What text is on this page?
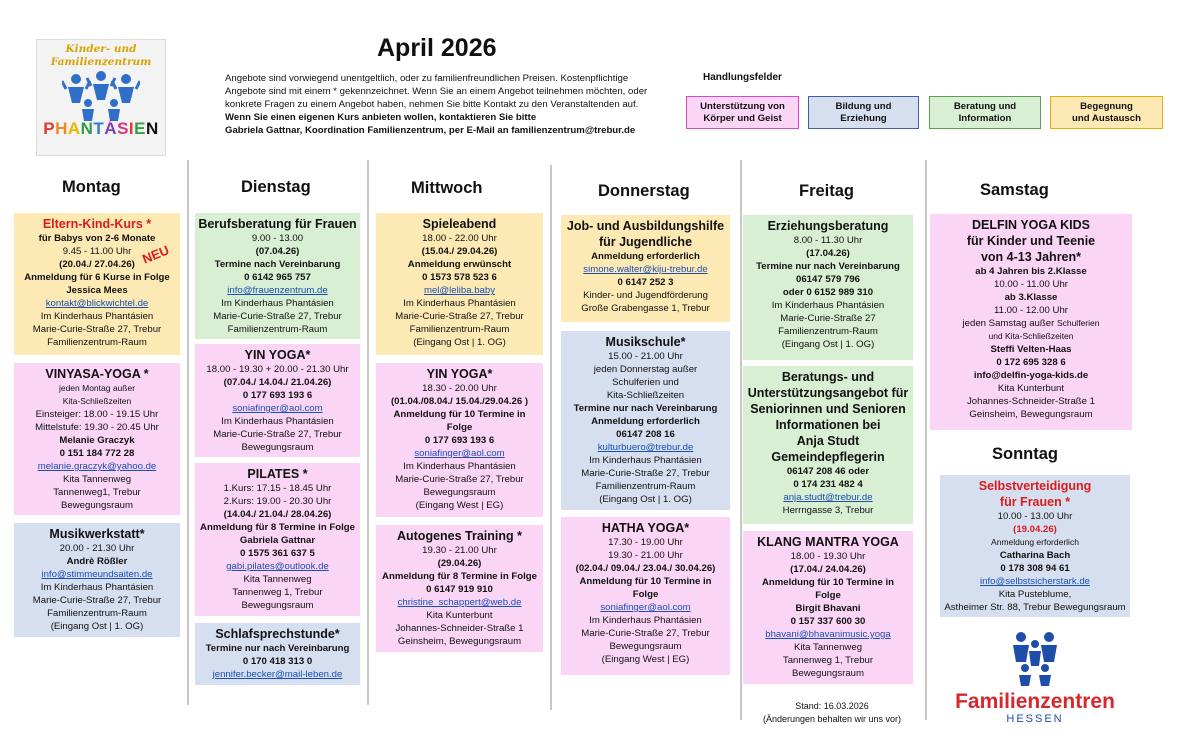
Kinder- und
Familienzentrum
PHANTÁSIEN
April 2026

Angebote sind vorwiegend unentgeltlich, oder zu familienfreundlichen Preisen. Kostenpflichtige

Angebote sind mit einem * gekennzeichnet. Wenn Sie an einem Angebot teilnehmen möchten, oder

konkrete Fragen zu einem Angebot haben, nehmen Sie bitte Kontakt zu den Veranstaltenden auf.

Wenn Sie einen eigenen Kurs anbieten wollen, kontaktieren Sie bitte

Gabriela Gattnar, Koordination Familienzentrum, per E-Mail an familienzentrum@trebur.de

Handlungsfelder
Unterstützung von
Körper und Geist
Bildung und
Erziehung
Beratung und
Information
Begegnung
und Austausch
Montag	Dienstag	Mittwoch	Donnerstag	Freitag	Samstag
Sonntag
Eltern-Kind-Kurs *
für Babys von 2-6 Monate
9.45 - 11.00 Uhr
(20.04./ 27.04.26)
Anmeldung für 6 Kurse in Folge
Jessica Mees
kontakt@blickwichtel.de
Im Kinderhaus Phantásien
Marie-Curie-Straße 27, Trebur
Familienzentrum-Raum
NEU
VINYASA-YOGA *
jeden Montag außer
Kita-Schließzeiten
Einsteiger: 18.00 - 19.15 Uhr
Mittelstufe: 19.30 - 20.45 Uhr
Melanie Graczyk
0 151 184 772 28
melanie.graczyk@yahoo.de
Kita Tannenweg
Tannenweg1, Trebur
Bewegungsraum
Musikwerkstatt*
20.00 - 21.30 Uhr
Andrè Rößler
info@stimmeundsaiten.de
Im Kinderhaus Phantásien
Marie-Curie-Straße 27, Trebur
Familienzentrum-Raum
(Eingang Ost | 1. OG)
Berufsberatung für Frauen
9.00 - 13.00
(07.04.26)
Termine nach Vereinbarung
0 6142 965 757
info@frauenzentrum.de
Im Kinderhaus Phantásien
Marie-Curie-Straße 27, Trebur
Familienzentrum-Raum
YIN YOGA*
18.00 - 19.30 + 20.00 - 21.30 Uhr
(07.04./ 14.04./ 21.04.26)
0 177 693 193 6
soniafinger@aol.com
Im Kinderhaus Phantásien
Marie-Curie-Straße 27, Trebur
Bewegungsraum
PILATES *
1.Kurs: 17.15 - 18.45 Uhr
2.Kurs: 19.00 - 20.30 Uhr
(14.04./ 21.04./ 28.04.26)
Anmeldung für 8 Termine in Folge
Gabriela Gattnar
0 1575 361 637 5
gabi.pilates@outlook.de
Kita Tannenweg
Tannenweg 1, Trebur
Bewegungsraum
Schlafsprechstunde*
Termine nur nach Vereinbarung
0 170 418 313 0
jennifer.becker@mail-leben.de
Spieleabend
18.00 - 22.00 Uhr
(15.04./ 29.04.26)
Anmeldung erwünscht
0 1573 578 523 6
mel@leliba.baby
Im Kinderhaus Phantásien
Marie-Curie-Straße 27, Trebur
Familienzentrum-Raum
(Eingang Ost | 1. OG)
YIN YOGA*
18.30 - 20.00 Uhr
(01.04./08.04./ 15.04./29.04.26 )
Anmeldung für 10 Termine in
Folge
0 177 693 193 6
soniafinger@aol.com
Im Kinderhaus Phantásien
Marie-Curie-Straße 27, Trebur
Bewegungsraum
(Eingang West | EG)
Autogenes Training *
19.30 - 21.00 Uhr
(29.04.26)
Anmeldung für 8 Termine in Folge
0 6147 919 910
christine_schappert@web.de
Kita Kunterbunt
Johannes-Schneider-Straße 1
Geinsheim, Bewegungsraum
Job- und Ausbildungshilfe
für Jugendliche
Anmeldung erforderlich
simone.walter@kiju-trebur.de
0 6147 252 3
Kinder- und Jugendförderung
Große Grabengasse 1, Trebur
Musikschule*
15.00 - 21.00 Uhr
jeden Donnerstag außer
Schulferien und
Kita-Schließzeiten
Termine nur nach Vereinbarung
Anmeldung erforderlich
06147 208 16
kulturbuero@trebur.de
Im Kinderhaus Phantásien
Marie-Curie-Straße 27, Trebur
Familienzentrum-Raum
(Eingang Ost | 1. OG)
HATHA YOGA*
17.30 - 19.00 Uhr
19.30 - 21.00 Uhr
(02.04./ 09.04./ 23.04./ 30.04.26)
Anmeldung für 10 Termine in
Folge
soniafinger@aol.com
Im Kinderhaus Phantásien
Marie-Curie-Straße 27, Trebur
Bewegungsraum
(Eingang West | EG)
Erziehungsberatung
8.00 - 11.30 Uhr
(17.04.26)
Termine nur nach Vereinbarung
06147 579 796
oder 0 6152 989 310
Im Kinderhaus Phantásien
Marie-Curie-Straße 27
Familienzentrum-Raum
(Eingang Ost | 1. OG)
Beratungs- und
Unterstützungsangebot für
Seniorinnen und Senioren
Informationen bei
Anja Studt
Gemeindepflegerin
06147 208 46 oder
0 174 231 482 4
anja.studt@trebur.de
Herrngasse 3, Trebur
KLANG MANTRA YOGA
18.00 - 19.30 Uhr
(17.04./ 24.04.26)
Anmeldung für 10 Termine in
Folge
Birgit Bhavani
0 157 337 600 30
bhavani@bhavanimusic.yoga
Kita Tannenweg
Tannenweg 1, Trebur
Bewegungsraum
Stand: 16.03.2026
(Änderungen behalten wir uns vor)
DELFIN YOGA KIDS
für Kinder und Teenie
von 4-13 Jahren*
ab 4 Jahren bis 2.Klasse
10.00 - 11.00 Uhr
ab 3.Klasse
11.00 - 12.00 Uhr
jeden Samstag außer Schulferien
und Kita-Schließzeiten
Steffi Velten-Haas
0 172 695 328 6
info@delfin-yoga-kids.de
Kita Kunterbunt
Johannes-Schneider-Straße 1
Geinsheim, Bewegungsraum
Selbstverteidigung
für Frauen *
10.00 - 13.00 Uhr
(19.04.26)
Anmeldung erforderlich
Catharina Bach
0 178 308 94 61
info@selbstsicherstark.de
Kita Pusteblume,
Astheimer Str. 88, Trebur Bewegungsraum
Familienzentren
HESSEN
